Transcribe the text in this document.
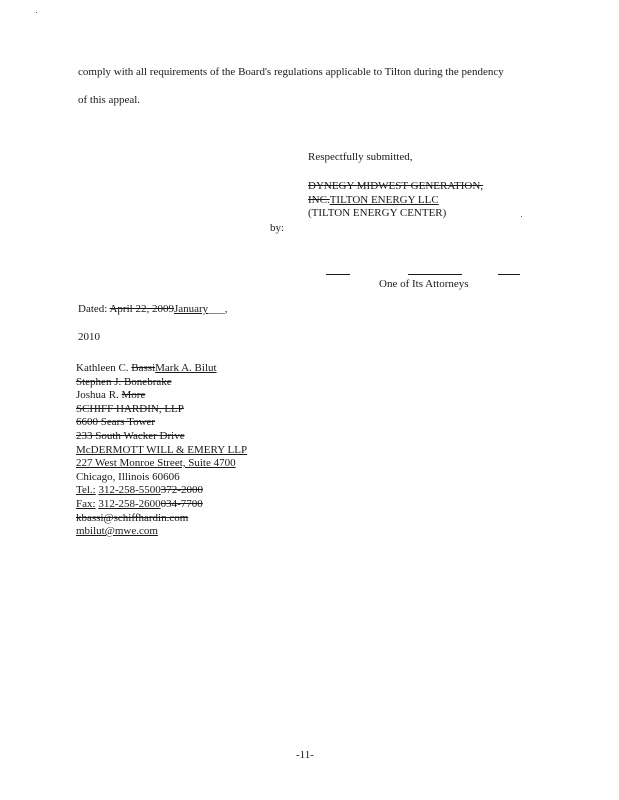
comply with all requirements of the Board's regulations applicable to Tilton during the pendency
of this appeal.
Respectfully submitted,
DYNEGY MIDWEST GENERATION,
INC.TILTON ENERGY LLC
(TILTON ENERGY CENTER)
by:
One of Its Attorneys
Dated: April 22, 2009January___,
2010
Kathleen C. BassiMark A. Bilut
Stephen J. Bonebrake
Joshua R. More
SCHIFF HARDIN, LLP
6600 Sears Tower
233 South Wacker Drive
McDERMOTT WILL & EMERY LLP
227 West Monroe Street, Suite 4700
Chicago, Illinois 60606
Tel.: 312-258-5500372-2000
Fax: 312-258-2600034-7700
kbassi@schiffhardin.com
mbilut@mwe.com
-11-
